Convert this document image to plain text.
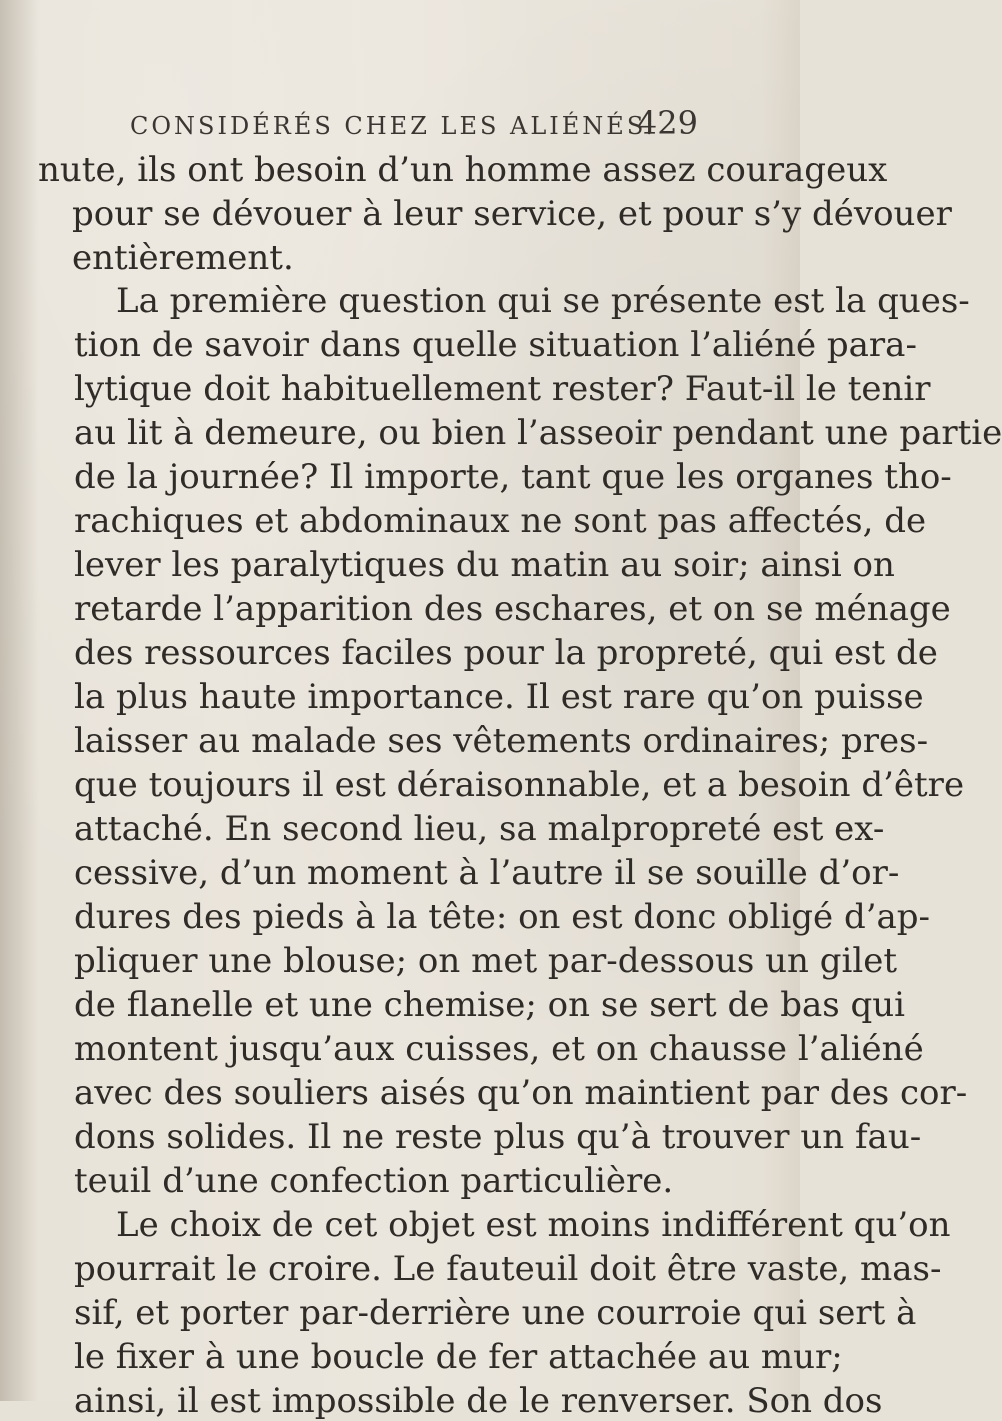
CONSIDÉRÉS CHEZ LES ALIÉNÉS.
429
nute, ils ont besoin d’un homme assez courageux
pour se dévouer à leur service, et pour s’y dévouer
entièrement.
La première question qui se présente est la ques-
tion de savoir dans quelle situation l’aliéné para-
lytique doit habituellement rester? Faut-il le tenir
au lit à demeure, ou bien l’asseoir pendant une partie
de la journée? Il importe, tant que les organes tho-
rachiques et abdominaux ne sont pas affectés, de
lever les paralytiques du matin au soir; ainsi on
retarde l’apparition des eschares, et on se ménage
des ressources faciles pour la propreté, qui est de
la plus haute importance. Il est rare qu’on puisse
laisser au malade ses vêtements ordinaires; pres-
que toujours il est déraisonnable, et a besoin d’être
attaché. En second lieu, sa malpropreté est ex-
cessive, d’un moment à l’autre il se souille d’or-
dures des pieds à la tête: on est donc obligé d’ap-
pliquer une blouse; on met par-dessous un gilet
de flanelle et une chemise; on se sert de bas qui
montent jusqu’aux cuisses, et on chausse l’aliéné
avec des souliers aisés qu’on maintient par des cor-
dons solides. Il ne reste plus qu’à trouver un fau-
teuil d’une confection particulière.
Le choix de cet objet est moins indifférent qu’on
pourrait le croire. Le fauteuil doit être vaste, mas-
sif, et porter par-derrière une courroie qui sert à
le fixer à une boucle de fer attachée au mur;
ainsi, il est impossible de le renverser. Son dos
